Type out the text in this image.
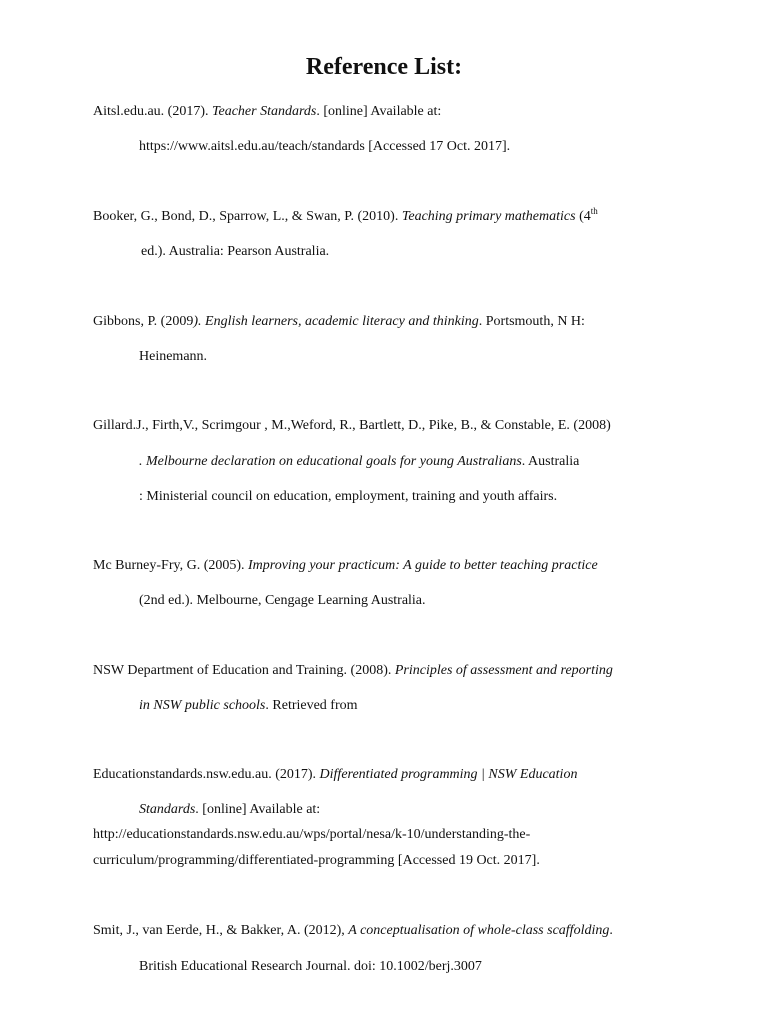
Reference List:
Aitsl.edu.au. (2017). Teacher Standards. [online] Available at:
https://www.aitsl.edu.au/teach/standards [Accessed 17 Oct. 2017].
Booker, G., Bond, D., Sparrow, L., & Swan, P. (2010). Teaching primary mathematics (4th
ed.). Australia: Pearson Australia.
Gibbons, P. (2009). English learners, academic literacy and thinking. Portsmouth, N H:
Heinemann.
Gillard.J., Firth,V., Scrimgour , M.,Weford, R., Bartlett, D., Pike, B., & Constable, E. (2008)
. Melbourne declaration on educational goals for young Australians. Australia
: Ministerial council on education, employment, training and youth affairs.
Mc Burney-Fry, G. (2005). Improving your practicum: A guide to better teaching practice
(2nd ed.). Melbourne, Cengage Learning Australia.
NSW Department of Education and Training. (2008). Principles of assessment and reporting
in NSW public schools. Retrieved from
Educationstandards.nsw.edu.au. (2017). Differentiated programming | NSW Education
Standards. [online] Available at:
http://educationstandards.nsw.edu.au/wps/portal/nesa/k-10/understanding-the-
curriculum/programming/differentiated-programming [Accessed 19 Oct. 2017].
Smit, J., van Eerde, H., & Bakker, A. (2012), A conceptualisation of whole-class scaffolding.
British Educational Research Journal. doi: 10.1002/berj.3007
